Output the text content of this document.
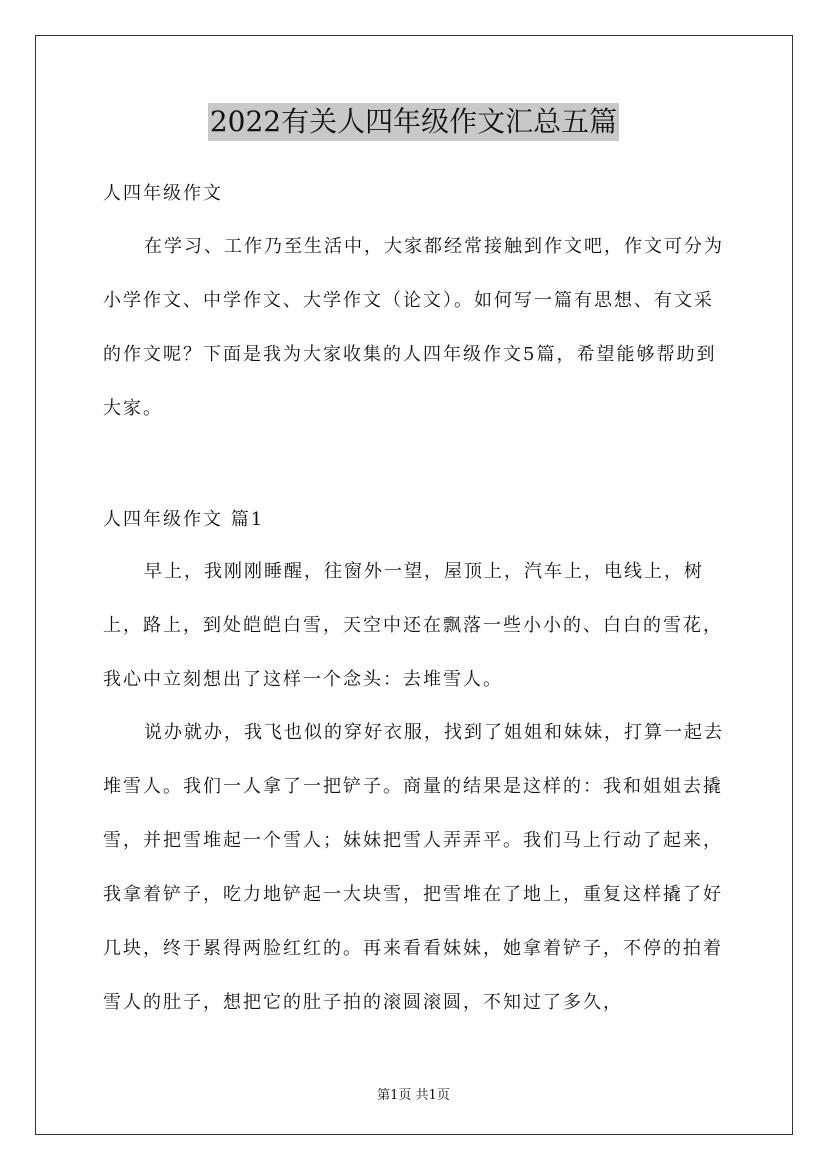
2022有关人四年级作文汇总五篇
人四年级作文
在学习、工作乃至生活中，大家都经常接触到作文吧，作文可分为小学作文、中学作文、大学作文（论文）。如何写一篇有思想、有文采的作文呢？下面是我为大家收集的人四年级作文5篇，希望能够帮助到大家。
人四年级作文 篇1
早上，我刚刚睡醒，往窗外一望，屋顶上，汽车上，电线上，树上，路上，到处皑皑白雪，天空中还在飘落一些小小的、白白的雪花，我心中立刻想出了这样一个念头：去堆雪人。
说办就办，我飞也似的穿好衣服，找到了姐姐和妹妹，打算一起去堆雪人。我们一人拿了一把铲子。商量的结果是这样的：我和姐姐去撬雪，并把雪堆起一个雪人；妹妹把雪人弄弄平。我们马上行动了起来，我拿着铲子，吃力地铲起一大块雪，把雪堆在了地上，重复这样撬了好几块，终于累得两脸红红的。再来看看妹妹，她拿着铲子，不停的拍着雪人的肚子，想把它的肚子拍的滚圆滚圆，不知过了多久，
第1页 共1页
